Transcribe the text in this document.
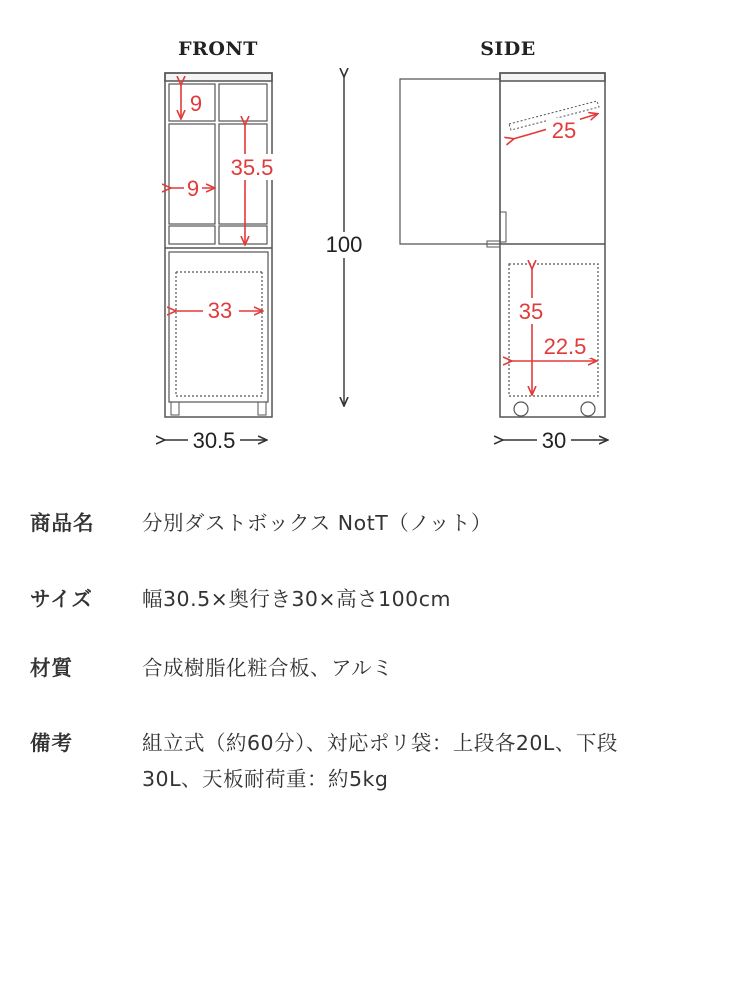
FRONT	SIDE
9
35.5
9
33
30.5
100
25
35
22.5
30
商品名	分別ダストボックス NotT（ノット）
サイズ	幅30.5×奥行き30×高さ100cm
材質	合成樹脂化粧合板、アルミ
備考	組立式（約60分）、対応ポリ袋：上段各20L、下段
30L、天板耐荷重：約5kg
